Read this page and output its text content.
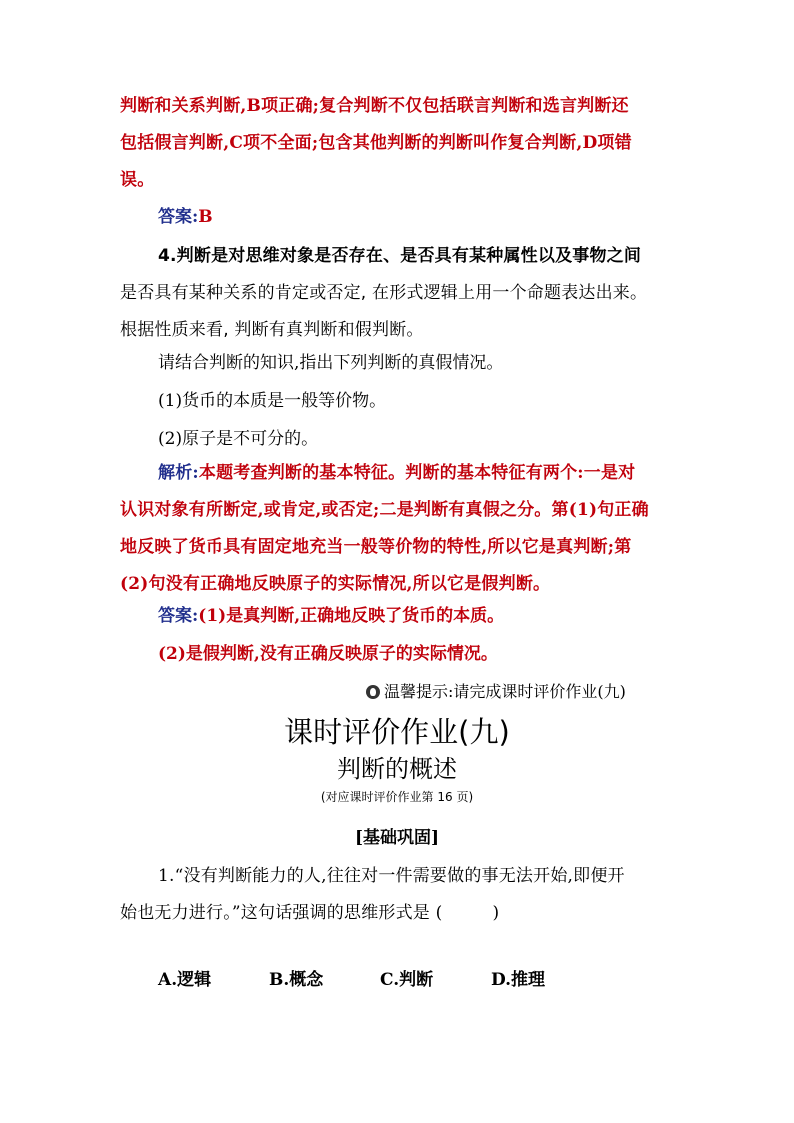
判断和关系判断,B项正确;复合判断不仅包括联言判断和选言判断还
包括假言判断,C项不全面;包含其他判断的判断叫作复合判断,D项错
误。
答案:B
4.判断是对思维对象是否存在、是否具有某种属性以及事物之间
是否具有某种关系的肯定或否定, 在形式逻辑上用一个命题表达出来。
根据性质来看, 判断有真判断和假判断。
请结合判断的知识,指出下列判断的真假情况。
(1)货币的本质是一般等价物。
(2)原子是不可分的。
解析:本题考查判断的基本特征。判断的基本特征有两个:一是对
认识对象有所断定,或肯定,或否定;二是判断有真假之分。第(1)句正确
地反映了货币具有固定地充当一般等价物的特性,所以它是真判断;第
(2)句没有正确地反映原子的实际情况,所以它是假判断。
答案:(1)是真判断,正确地反映了货币的本质。
(2)是假判断,没有正确反映原子的实际情况。
温馨提示:请完成课时评价作业(九)
课时评价作业(九)
判断的概述
(对应课时评价作业第 16 页)
[基础巩固]
1.“没有判断能力的人,往往对一件需要做的事无法开始,即便开
始也无力进行。”这句话强调的思维形式是 (	)
A.逻辑	B.概念	C.判断	D.推理
